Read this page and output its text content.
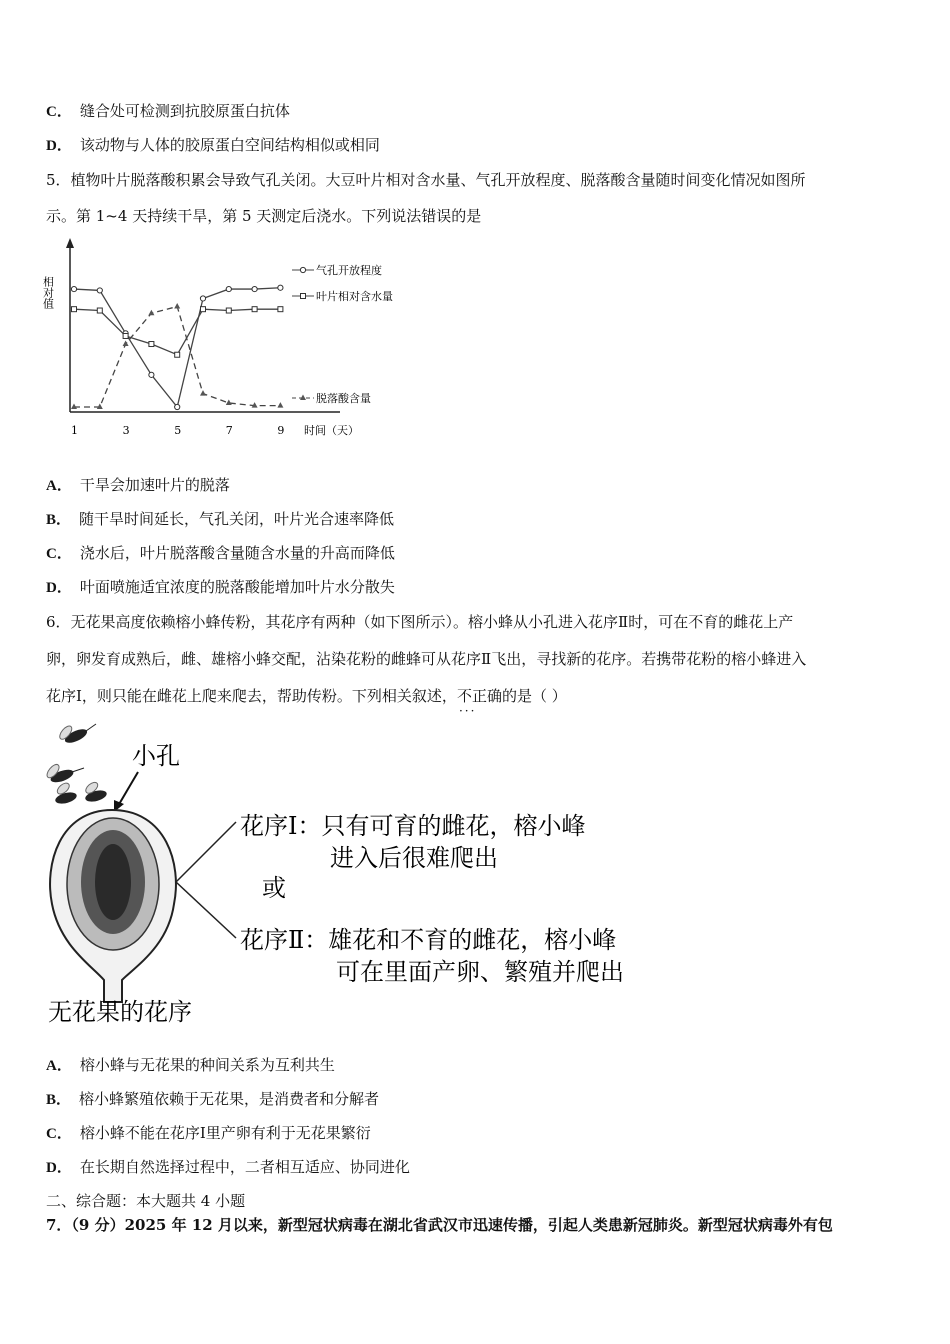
C． 缝合处可检测到抗胶原蛋白抗体
D． 该动物与人体的胶原蛋白空间结构相似或相同
5．植物叶片脱落酸积累会导致气孔关闭。大豆叶片相对含水量、气孔开放程度、脱落酸含量随时间变化情况如图所
示。第 1~4 天持续干旱，第 5 天测定后浇水。下列说法错误的是
相对值
1	3	5	7	9 时间（天）
气孔开放程度
叶片相对含水量
脱落酸含量
A． 干旱会加速叶片的脱落
B． 随干旱时间延长，气孔关闭，叶片光合速率降低
C． 浇水后，叶片脱落酸含量随含水量的升高而降低
D． 叶面喷施适宜浓度的脱落酸能增加叶片水分散失
6．无花果高度依赖榕小蜂传粉，其花序有两种（如下图所示）。榕小蜂从小孔进入花序Ⅱ时，可在不育的雌花上产
卵，卵发育成熟后，雌、雄榕小蜂交配，沾染花粉的雌蜂可从花序Ⅱ飞出，寻找新的花序。若携带花粉的榕小蜂进入
花序Ⅰ，则只能在雌花上爬来爬去，帮助传粉。下列相关叙述，不正确 ···的是（ ）
小孔
花序Ⅰ：只有可育的雌花，榕小峰
进入后很难爬出
或
花序Ⅱ：雄花和不育的雌花，榕小峰
可在里面产卵、繁殖并爬出
无花果的花序
A． 榕小蜂与无花果的种间关系为互利共生
B． 榕小蜂繁殖依赖于无花果，是消费者和分解者
C． 榕小蜂不能在花序Ⅰ里产卵有利于无花果繁衍
D． 在长期自然选择过程中，二者相互适应、协同进化
二、综合题：本大题共 4 小题
7．（9 分）2025 年 12 月以来，新型冠状病毒在湖北省武汉市迅速传播，引起人类患新冠肺炎。新型冠状病毒外有包
